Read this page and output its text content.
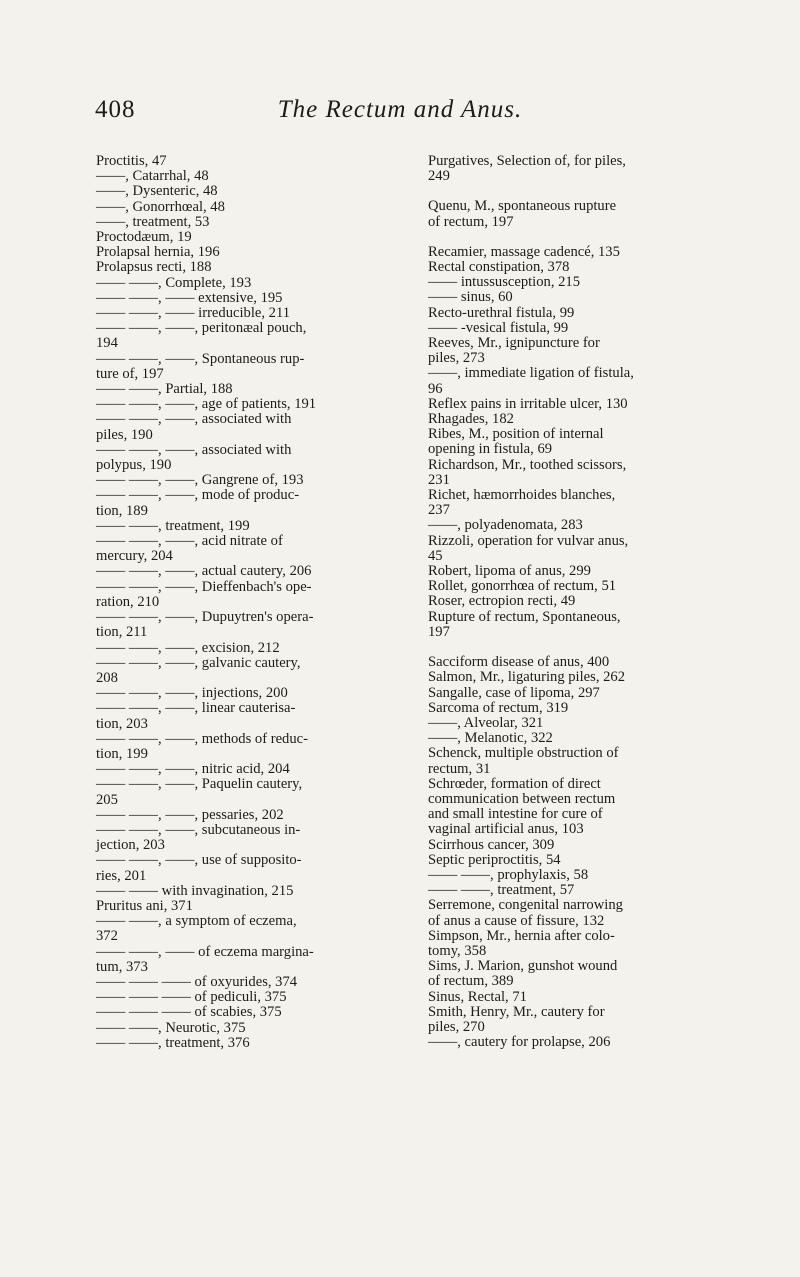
408	The Rectum and Anus.

Proctitis, 47

——, Catarrhal, 48

——, Dysenteric, 48

——, Gonorrhœal, 48

——, treatment, 53

Proctodæum, 19

Prolapsal hernia, 196

Prolapsus recti, 188

—— ——, Complete, 193

—— ——, —— extensive, 195

—— ——, —— irreducible, 211

—— ——, ——, peritonæal pouch,

194

—— ——, ——, Spontaneous rup-

ture of, 197

—— ——, Partial, 188

—— ——, ——, age of patients, 191

—— ——, ——, associated with

piles, 190

—— ——, ——, associated with

polypus, 190

—— ——, ——, Gangrene of, 193

—— ——, ——, mode of produc-

tion, 189

—— ——, treatment, 199

—— ——, ——, acid nitrate of

mercury, 204

—— ——, ——, actual cautery, 206

—— ——, ——, Dieffenbach's ope-

ration, 210

—— ——, ——, Dupuytren's opera-

tion, 211

—— ——, ——, excision, 212

—— ——, ——, galvanic cautery,

208

—— ——, ——, injections, 200

—— ——, ——, linear cauterisa-

tion, 203

—— ——, ——, methods of reduc-

tion, 199

—— ——, ——, nitric acid, 204

—— ——, ——, Paquelin cautery,

205

—— ——, ——, pessaries, 202

—— ——, ——, subcutaneous in-

jection, 203

—— ——, ——, use of supposito-

ries, 201

—— —— with invagination, 215

Pruritus ani, 371

—— ——, a symptom of eczema,

372

—— ——, —— of eczema margina-

tum, 373

—— —— —— of oxyurides, 374

—— —— —— of pediculi, 375

—— —— —— of scabies, 375

—— ——, Neurotic, 375

—— ——, treatment, 376

Purgatives, Selection of, for piles,

249

Quenu, M., spontaneous rupture

of rectum, 197

Recamier, massage cadencé, 135

Rectal constipation, 378

—— intussusception, 215

—— sinus, 60

Recto-urethral fistula, 99

—— -vesical fistula, 99

Reeves, Mr., ignipuncture for

piles, 273

——, immediate ligation of fistula,

96

Reflex pains in irritable ulcer, 130

Rhagades, 182

Ribes, M., position of internal

opening in fistula, 69

Richardson, Mr., toothed scissors,

231

Richet, hæmorrhoides blanches,

237

——, polyadenomata, 283

Rizzoli, operation for vulvar anus,

45

Robert, lipoma of anus, 299

Rollet, gonorrhœa of rectum, 51

Roser, ectropion recti, 49

Rupture of rectum, Spontaneous,

197

Sacciform disease of anus, 400

Salmon, Mr., ligaturing piles, 262

Sangalle, case of lipoma, 297

Sarcoma of rectum, 319

——, Alveolar, 321

——, Melanotic, 322

Schenck, multiple obstruction of

rectum, 31

Schrœder, formation of direct

communication between rectum

and small intestine for cure of

vaginal artificial anus, 103

Scirrhous cancer, 309

Septic periproctitis, 54

—— ——, prophylaxis, 58

—— ——, treatment, 57

Serremone, congenital narrowing

of anus a cause of fissure, 132

Simpson, Mr., hernia after colo-

tomy, 358

Sims, J. Marion, gunshot wound

of rectum, 389

Sinus, Rectal, 71

Smith, Henry, Mr., cautery for

piles, 270

——, cautery for prolapse, 206
